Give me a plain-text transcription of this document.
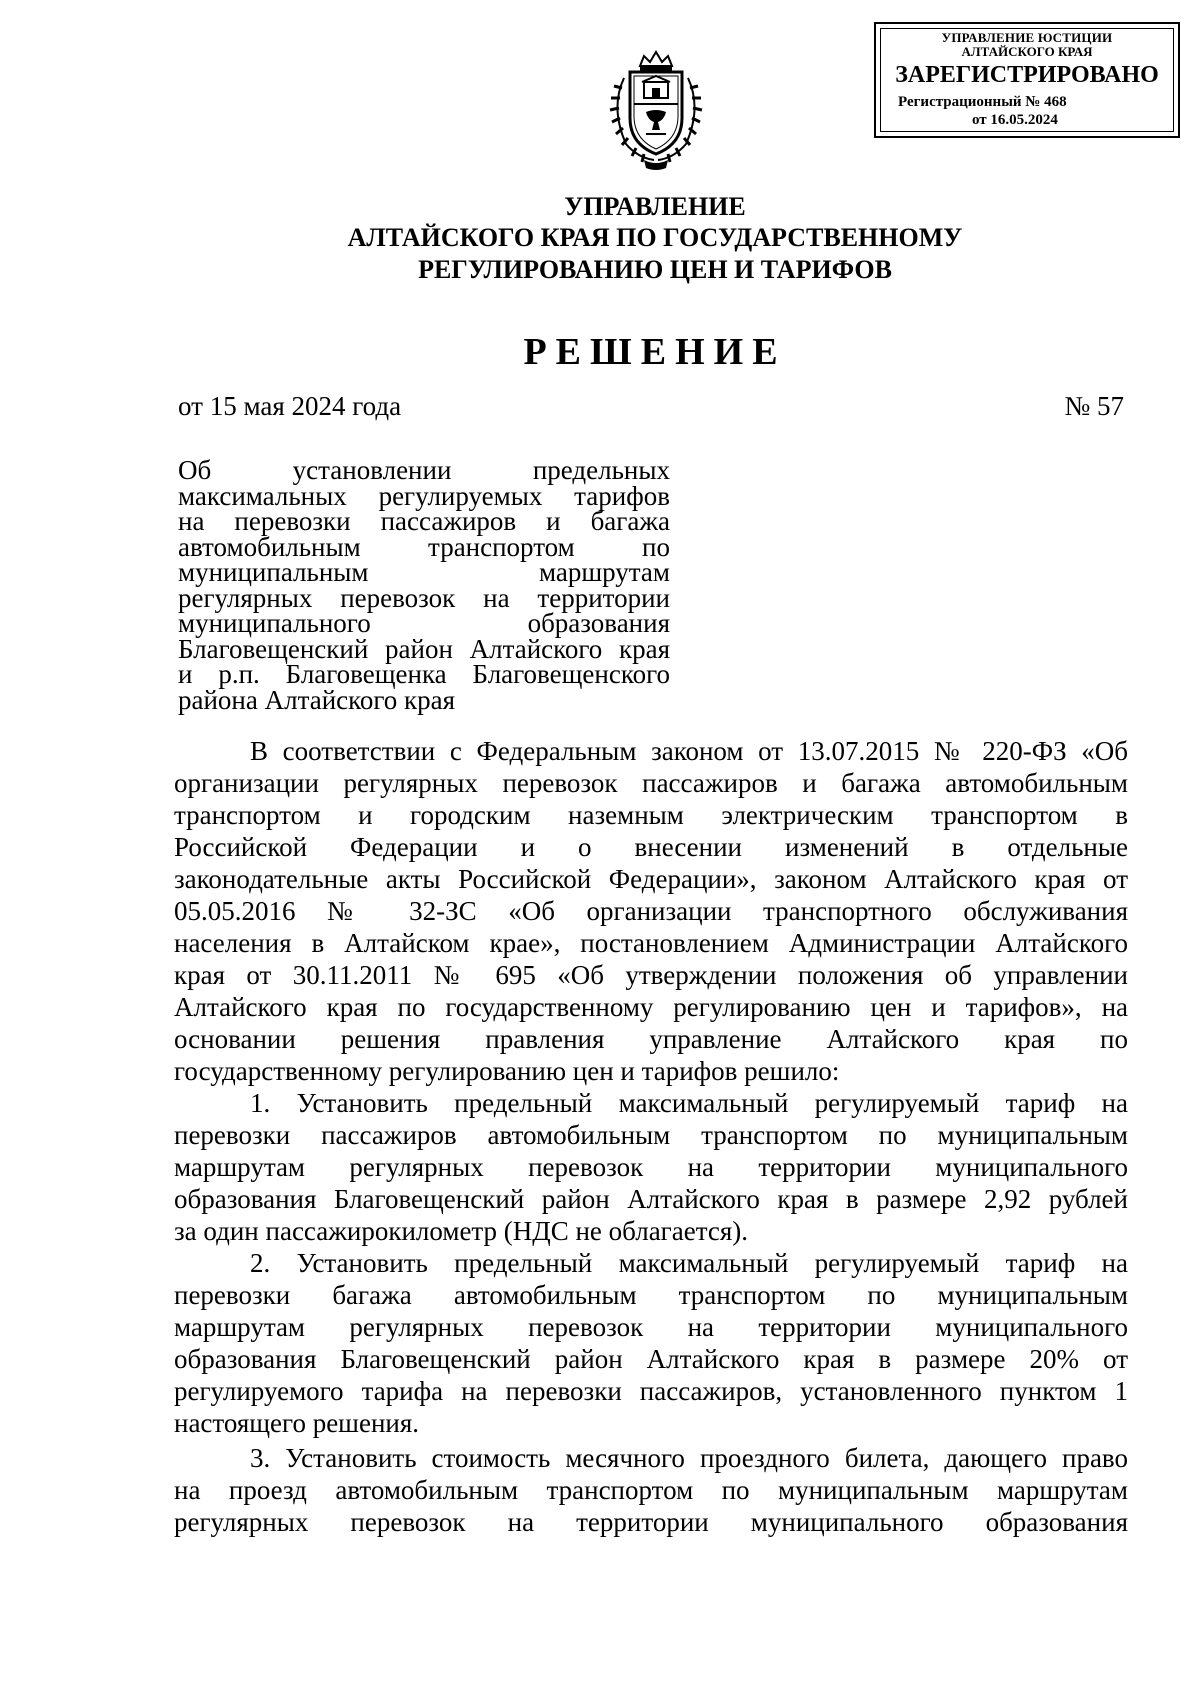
УПРАВЛЕНИЕ ЮСТИЦИИ
АЛТАЙСКОГО КРАЯ
ЗАРЕГИСТРИРОВАНО
Регистрационный № 468
от 16.05.2024
УПРАВЛЕНИЕ
АЛТАЙСКОГО КРАЯ ПО ГОСУДАРСТВЕННОМУ
РЕГУЛИРОВАНИЮ ЦЕН И ТАРИФОВ
РЕШЕНИЕ
от 15 мая 2024 года	№ 57
Об установлении предельных
максимальных регулируемых тарифов
на перевозки пассажиров и багажа
автомобильным транспортом по
муниципальным маршрутам
регулярных перевозок на территории
муниципального образования
Благовещенский район Алтайского края
и р.п. Благовещенка Благовещенского
района Алтайского края
В соответствии с Федеральным законом от 13.07.2015 № 220-ФЗ «Об
организации регулярных перевозок пассажиров и багажа автомобильным
транспортом и городским наземным электрическим транспортом в
Российской Федерации и о внесении изменений в отдельные
законодательные акты Российской Федерации», законом Алтайского края от
05.05.2016 № 32-ЗС «Об организации транспортного обслуживания
населения в Алтайском крае», постановлением Администрации Алтайского
края от 30.11.2011 № 695 «Об утверждении положения об управлении
Алтайского края по государственному регулированию цен и тарифов», на
основании решения правления управление Алтайского края по
государственному регулированию цен и тарифов решило:
1. Установить предельный максимальный регулируемый тариф на
перевозки пассажиров автомобильным транспортом по муниципальным
маршрутам регулярных перевозок на территории муниципального
образования Благовещенский район Алтайского края в размере 2,92 рублей
за один пассажирокилометр (НДС не облагается).
2. Установить предельный максимальный регулируемый тариф на
перевозки багажа автомобильным транспортом по муниципальным
маршрутам регулярных перевозок на территории муниципального
образования Благовещенский район Алтайского края в размере 20% от
регулируемого тарифа на перевозки пассажиров, установленного пунктом 1
настоящего решения.
3. Установить стоимость месячного проездного билета, дающего право
на проезд автомобильным транспортом по муниципальным маршрутам
регулярных перевозок на территории муниципального образования
